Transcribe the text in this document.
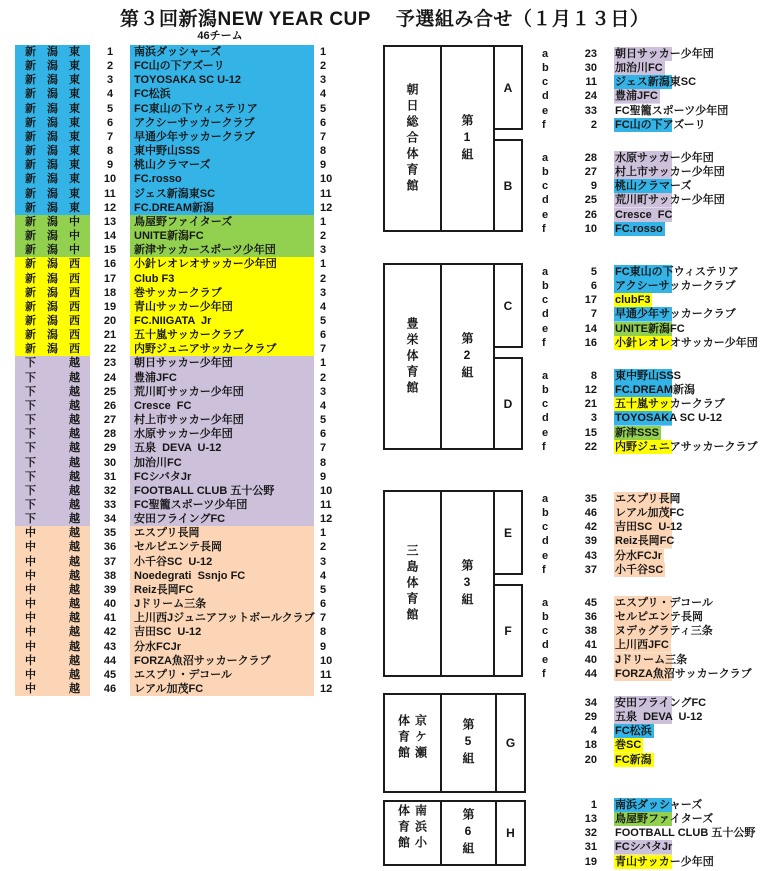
第３回新潟NEW YEAR CUP　 予選組み合せ（１月１３日）
46チーム
新潟東	1	南浜ダッシャーズ	1
新潟東	2	FC山の下アズーリ	2
新潟東	3	TOYOSAKA SC U-12	3
新潟東	4	FC松浜	4
新潟東	5	FC東山の下ウィステリア	5
新潟東	6	アクシーサッカークラブ	6
新潟東	7	早通少年サッカークラブ	7
新潟東	8	東中野山SSS	8
新潟東	9	桃山クラマーズ	9
新潟東	10	FC.rosso	10
新潟東	11	ジェス新潟東SC	11
新潟東	12	FC.DREAM新潟	12
新潟中	13	鳥屋野ファイターズ	1
新潟中	14	UNITE新潟FC	2
新潟中	15	新津サッカースポーツ少年団	3
新潟西	16	小針レオレオサッカー少年団	1
新潟西	17	Club F3	2
新潟西	18	巻サッカークラブ	3
新潟西	19	青山サッカー少年団	4
新潟西	20	FC.NIIGATA  Jr	5
新潟西	21	五十嵐サッカークラブ	6
新潟西	22	内野ジュニアサッカークラブ	7
下越	23	朝日サッカー少年団	1
下越	24	豊浦JFC	2
下越	25	荒川町サッカー少年団	3
下越	26	Cresce  FC	4
下越	27	村上市サッカー少年団	5
下越	28	水原サッカー少年団	6
下越	29	五泉  DEVA  U-12	7
下越	30	加治川FC	8
下越	31	FCシバタJr	9
下越	32	FOOTBALL CLUB 五十公野	10
下越	33	FC聖籠スポーツ少年団	11
下越	34	安田フライングFC	12
中越	35	エスプリ長岡	1
中越	36	セルピエンテ長岡	2
中越	37	小千谷SC  U-12	3
中越	38	Noedegrati  Ssnjo FC	4
中越	39	Reiz長岡FC	5
中越	40	Jドリーム三条	6
中越	41	上川西Jジュニアフットボールクラブ 7
中越	42	吉田SC  U-12	8
中越	43	分水FCJr	9
中越	44	FORZA魚沼サッカークラブ	10
中越	45	エスプリ・デコール	11
中越	46	レアル加茂FC	12
朝日総合体育館	第1組
A
a	23 朝日サッカー少年団
b	30 加治川FC
c	11 ジェス新潟東SC
d	24 豊浦JFC
e	33 FC聖籠スポーツ少年団
f	2 FC山の下アズーリ
B
a	28 水原サッカー少年団
b	27 村上市サッカー少年団
c	9 桃山クラマーズ
d	25 荒川町サッカー少年団
e	26 Cresce  FC
f	10 FC.rosso
豊栄体育館	第2組
C
a	5 FC東山の下ウィステリア
b	6 アクシーサッカークラブ
c	17 clubF3
d	7 早通少年サッカークラブ
e	14 UNITE新潟FC
f	16 小針レオレオサッカー少年団
D
a	8 東中野山SSS
b	12 FC.DREAM新潟
c	21 五十嵐サッカークラブ
d	3 TOYOSAKA SC U-12
e	15 新津SSS
f	22 内野ジュニアサッカークラブ
三島体育館	第3組
E
a	35 エスプリ長岡
b	46 レアル加茂FC
c	42 吉田SC  U-12
d	39 Reiz長岡FC
e	43 分水FCJr
f	37 小千谷SC
F
a	45 エスプリ・デコール
b	36 セルピエンテ長岡
c	38 ヌデゥグラティ三条
d	41 上川西JFC
e	40 Jドリーム三条
f	44 FORZA魚沼サッカークラブ
京ケ瀬体育館	第5組	G
34 安田フライングFC
29 五泉  DEVA  U-12
4 FC松浜
18 巻SC
20 FC新潟
南浜小体育館	第6組	H
1 南浜ダッシャーズ
13 鳥屋野ファイターズ
32 FOOTBALL CLUB 五十公野
31 FCシバタJr
19 青山サッカー少年団
